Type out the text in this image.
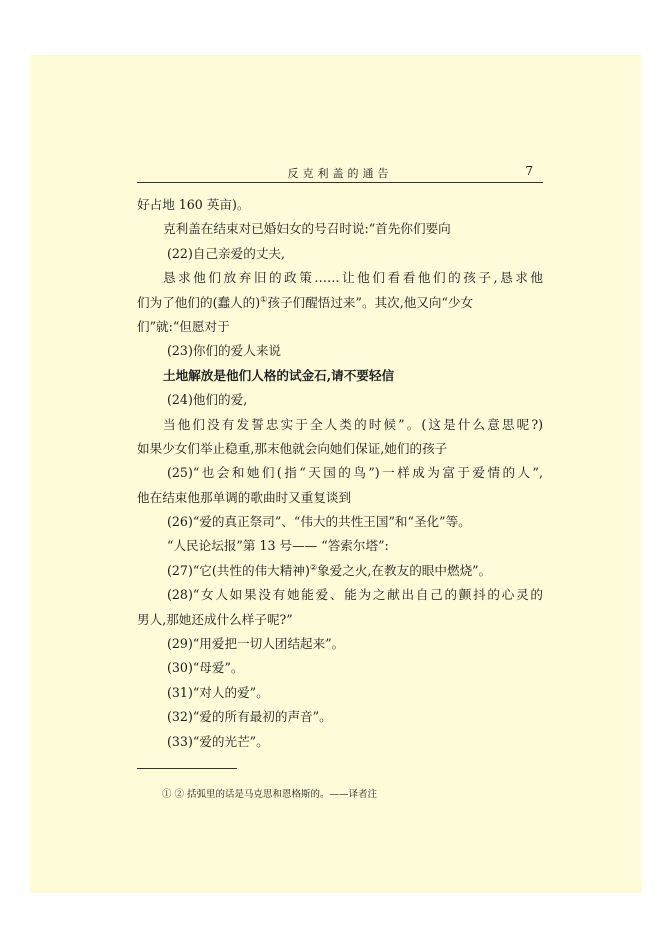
反克利盖的通告	7
好占地 160 英亩)。
克利盖在结束对已婚妇女的号召时说:“首先你们要向
(22)自己亲爱的丈夫,
恳求他们放弃旧的政策……让他们看看他们的孩子,恳求他
们为了他们的(蠢人的)①孩子们醒悟过来”。其次,他又向“少女
们”就:“但愿对于
(23)你们的爱人来说
土地解放是他们人格的试金石,请不要轻信
(24)他们的爱,
当他们没有发誓忠实于全人类的时候”。(这是什么意思呢?)
如果少女们举止稳重,那末他就会向她们保证,她们的孩子
(25)“也会和她们(指“天国的鸟”)一样成为富于爱情的人”,
他在结束他那单调的歌曲时又重复谈到
(26)“爱的真正祭司”、“伟大的共性王国”和“圣化”等。
“人民论坛报”第 13 号—— “答索尔塔”:
(27)“它(共性的伟大精神)②象爱之火,在教友的眼中燃烧”。
(28)“女人如果没有她能爱、能为之献出自己的颤抖的心灵的
男人,那她还成什么样子呢?”
(29)“用爱把一切人团结起来”。
(30)“母爱”。
(31)“对人的爱”。
(32)“爱的所有最初的声音”。
(33)“爱的光芒”。
① ② 括弧里的话是马克思和恩格斯的。——译者注
